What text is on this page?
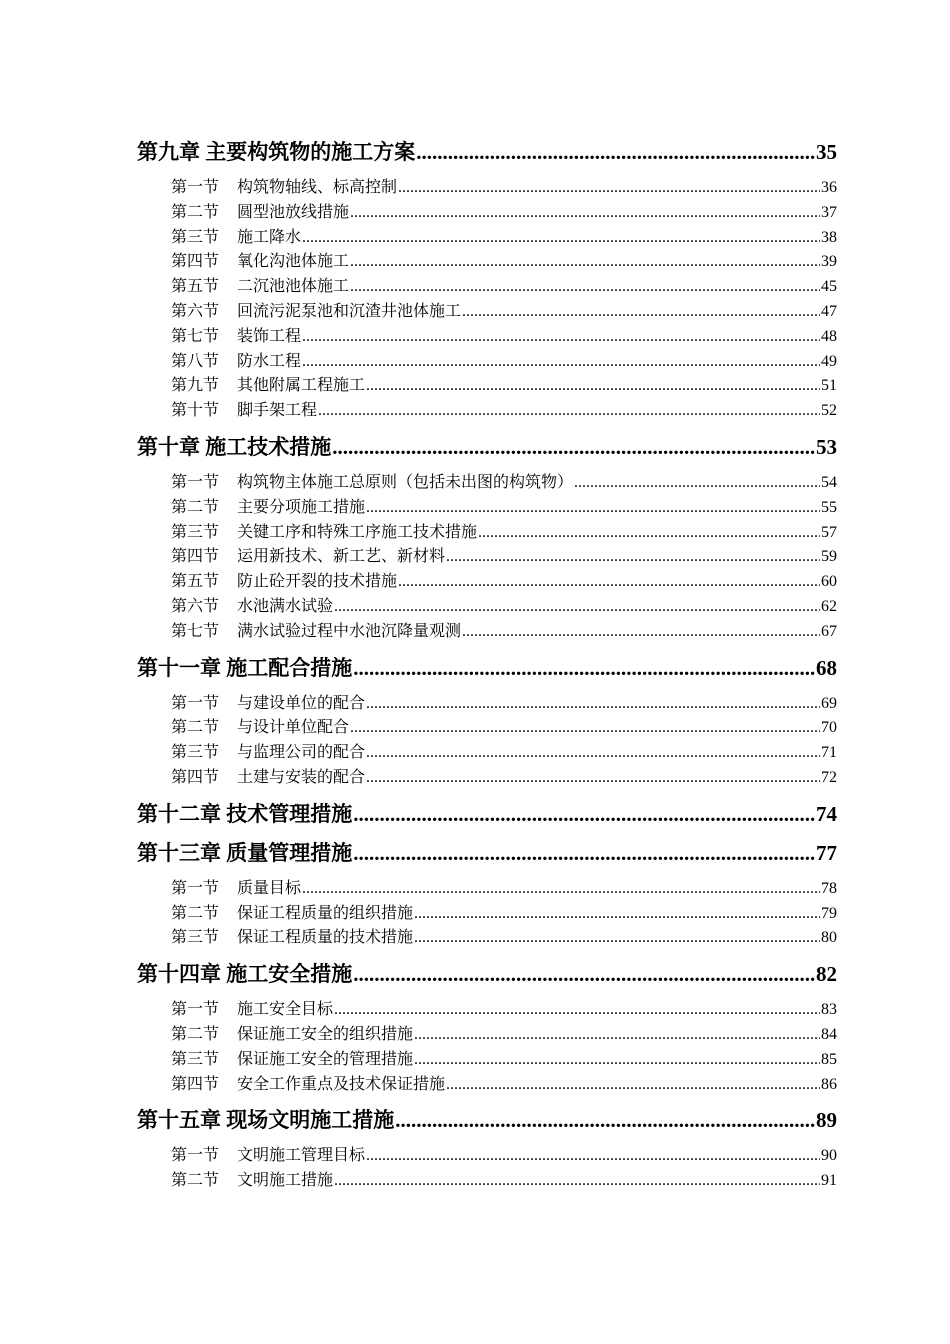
第九章 主要构筑物的施工方案 .....	35
第一节 构筑物轴线、标高控制 .....	36
第二节 圆型池放线措施 .....	37
第三节 施工降水 .....	38
第四节 氧化沟池体施工 .....	39
第五节 二沉池池体施工 .....	45
第六节 回流污泥泵池和沉渣井池体施工 .....	47
第七节 装饰工程 .....	48
第八节 防水工程 .....	49
第九节 其他附属工程施工 .....	51
第十节 脚手架工程 .....	52
第十章 施工技术措施 .....	53
第一节 构筑物主体施工总原则（包括未出图的构筑物） .....	54
第二节 主要分项施工措施 .....	55
第三节 关键工序和特殊工序施工技术措施 .....	57
第四节 运用新技术、新工艺、新材料 .....	59
第五节 防止砼开裂的技术措施 .....	60
第六节 水池满水试验 .....	62
第七节 满水试验过程中水池沉降量观测 .....	67
第十一章 施工配合措施 .....	68
第一节 与建设单位的配合 .....	69
第二节 与设计单位配合 .....	70
第三节 与监理公司的配合 .....	71
第四节 土建与安装的配合 .....	72
第十二章 技术管理措施 .....	74
第十三章 质量管理措施 .....	77
第一节 质量目标 .....	78
第二节 保证工程质量的组织措施 .....	79
第三节 保证工程质量的技术措施 .....	80
第十四章 施工安全措施 .....	82
第一节 施工安全目标 .....	83
第二节 保证施工安全的组织措施 .....	84
第三节 保证施工安全的管理措施 .....	85
第四节 安全工作重点及技术保证措施 .....	86
第十五章 现场文明施工措施 .....	89
第一节 文明施工管理目标 .....	90
第二节 文明施工措施 .....	91
